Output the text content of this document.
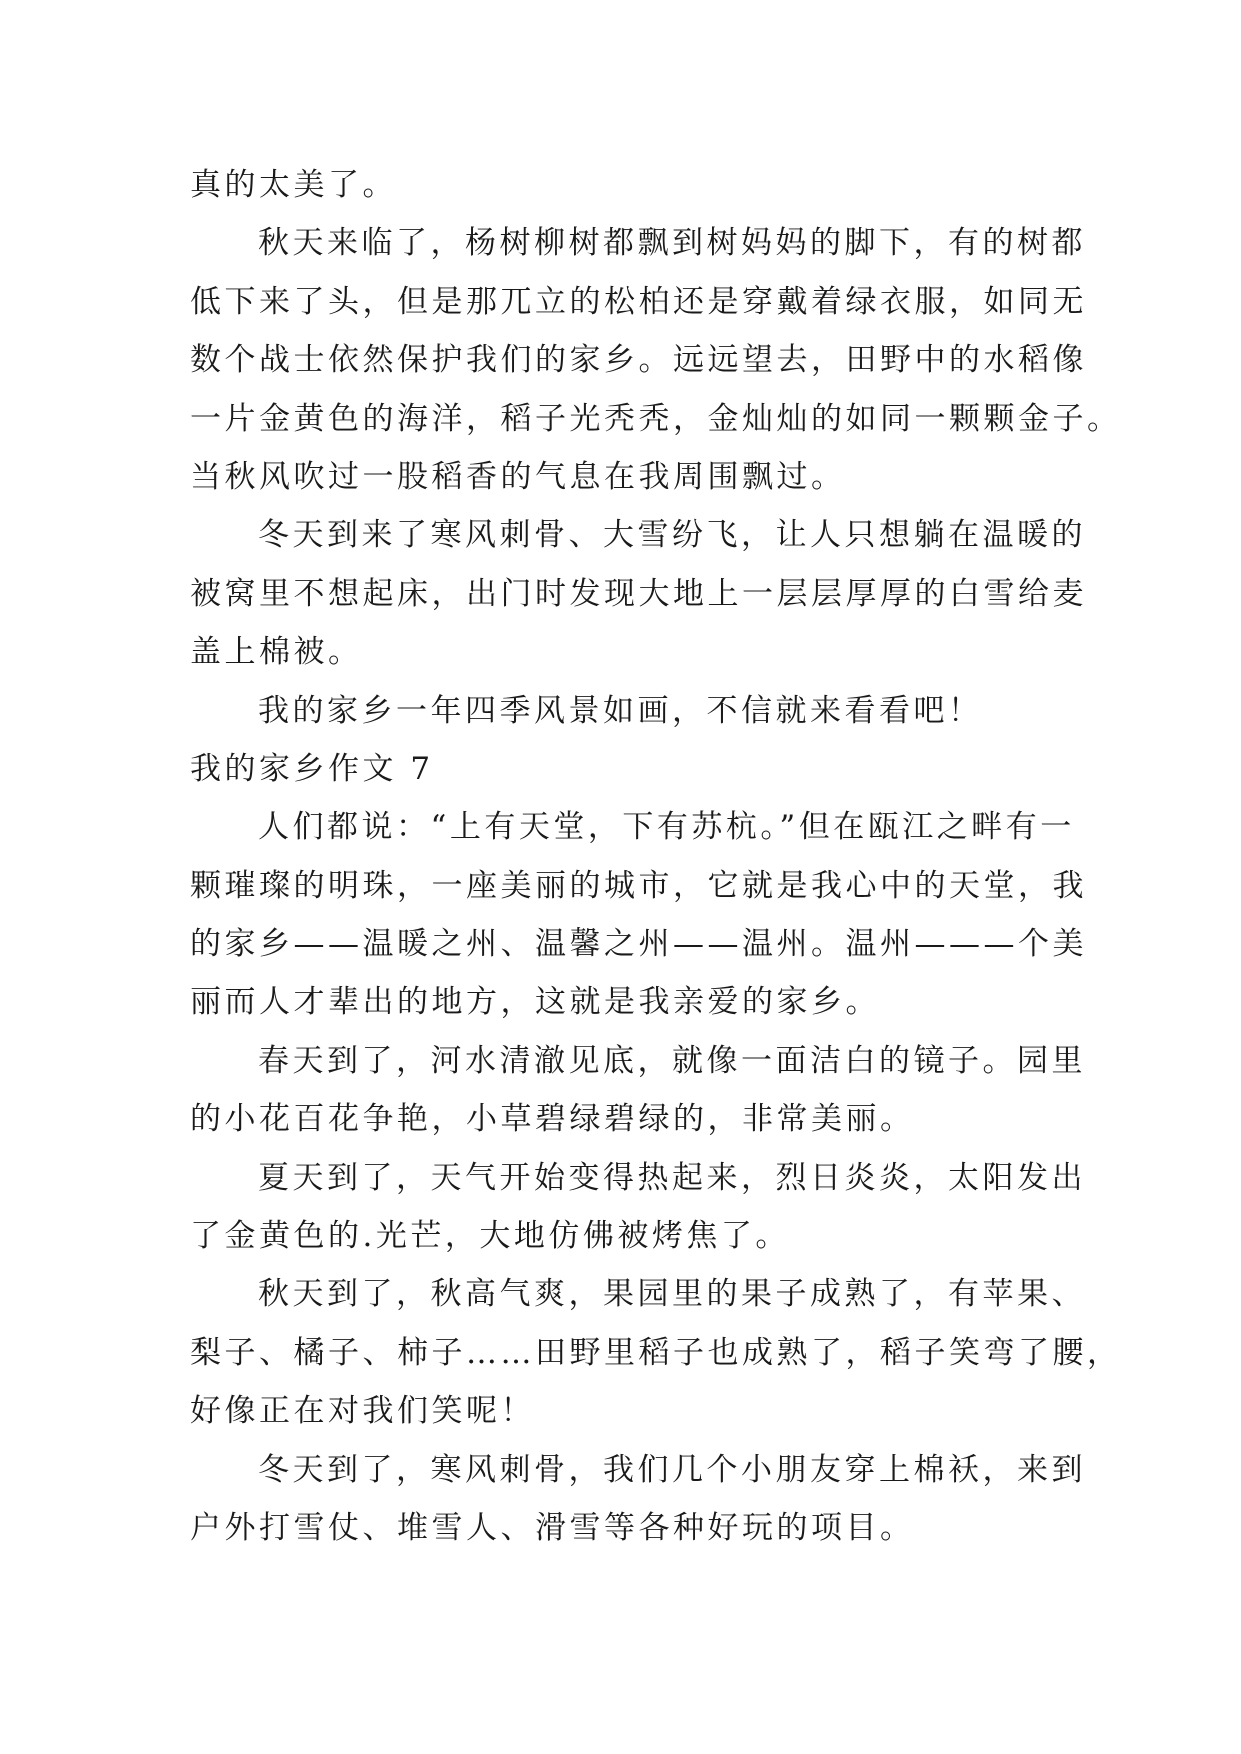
真的太美了。
秋天来临了，杨树柳树都飘到树妈妈的脚下，有的树都
低下来了头，但是那兀立的松柏还是穿戴着绿衣服，如同无
数个战士依然保护我们的家乡。远远望去，田野中的水稻像
一片金黄色的海洋，稻子光秃秃，金灿灿的如同一颗颗金子。
当秋风吹过一股稻香的气息在我周围飘过。
冬天到来了寒风刺骨、大雪纷飞，让人只想躺在温暖的
被窝里不想起床，出门时发现大地上一层层厚厚的白雪给麦
盖上棉被。
我的家乡一年四季风景如画，不信就来看看吧！
我的家乡作文 7
人们都说：“上有天堂，下有苏杭。”但在瓯江之畔有一
颗璀璨的明珠，一座美丽的城市，它就是我心中的天堂，我
的家乡——温暖之州、温馨之州——温州。温州———个美
丽而人才辈出的地方，这就是我亲爱的家乡。
春天到了，河水清澈见底，就像一面洁白的镜子。园里
的小花百花争艳，小草碧绿碧绿的，非常美丽。
夏天到了，天气开始变得热起来，烈日炎炎，太阳发出
了金黄色的.光芒，大地仿佛被烤焦了。
秋天到了，秋高气爽，果园里的果子成熟了，有苹果、
梨子、橘子、柿子……田野里稻子也成熟了，稻子笑弯了腰，
好像正在对我们笑呢！
冬天到了，寒风刺骨，我们几个小朋友穿上棉袄，来到
户外打雪仗、堆雪人、滑雪等各种好玩的项目。
